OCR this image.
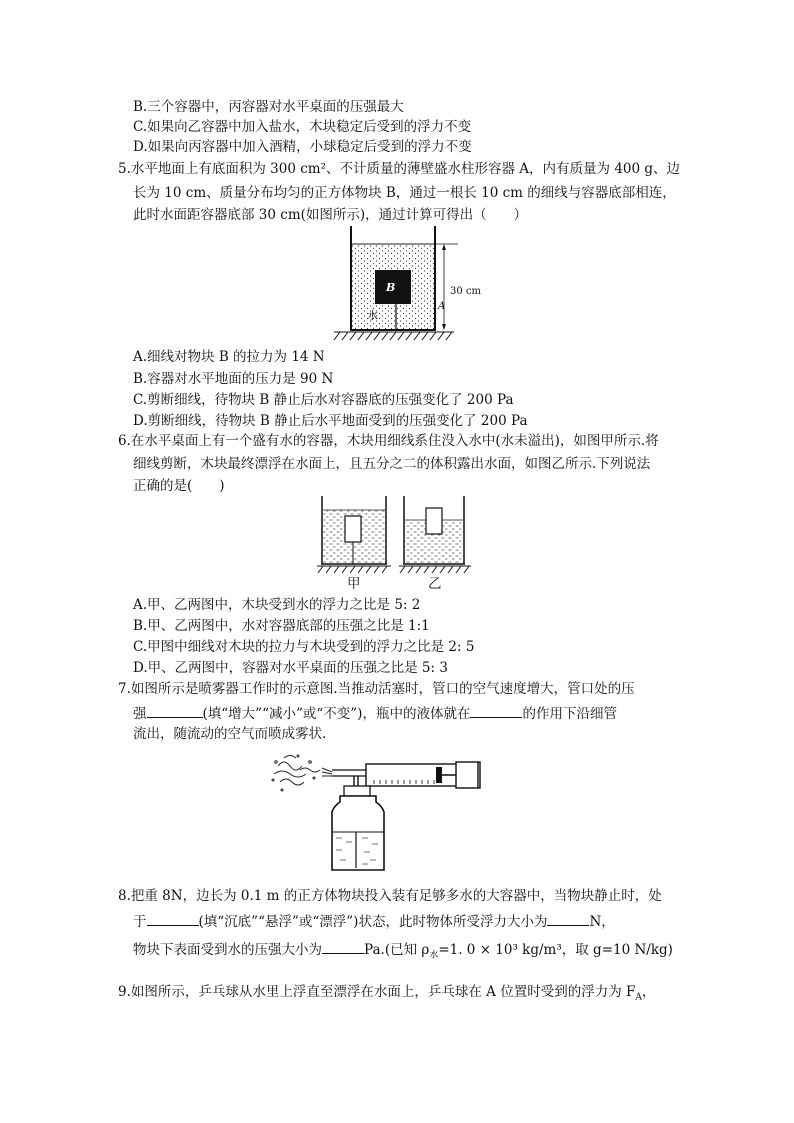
B.三个容器中，丙容器对水平桌面的压强最大
C.如果向乙容器中加入盐水，木块稳定后受到的浮力不变
D.如果向丙容器中加入酒精，小球稳定后受到的浮力不变
5.水平地面上有底面积为 300 cm²、不计质量的薄壁盛水柱形容器 A，内有质量为 400 g、边
长为 10 cm、质量分布均匀的正方体物块 B，通过一根长 10 cm 的细线与容器底部相连，
此时水面距容器底部 30 cm(如图所示)，通过计算可得出（　　）
B
水
30 cm
A
A.细线对物块 B 的拉力为 14 N
B.容器对水平地面的压力是 90 N
C.剪断细线，待物块 B 静止后水对容器底的压强变化了 200 Pa
D.剪断细线，待物块 B 静止后水平地面受到的压强变化了 200 Pa
6.在水平桌面上有一个盛有水的容器，木块用细线系住没入水中(水未溢出)，如图甲所示.将
细线剪断，木块最终漂浮在水面上，且五分之二的体积露出水面，如图乙所示.下列说法
正确的是(　　)
甲	乙
A.甲、乙两图中，木块受到水的浮力之比是 5: 2
B.甲、乙两图中，水对容器底部的压强之比是 1:1
C.甲图中细线对木块的拉力与木块受到的浮力之比是 2: 5
D.甲、乙两图中，容器对水平桌面的压强之比是 5: 3
7.如图所示是喷雾器工作时的示意图.当推动活塞时，管口的空气速度增大，管口处的压
强	(填“增大”“减小”或“不变”)，瓶中的液体就在	的作用下沿细管
流出，随流动的空气而喷成雾状.
8.把重 8N，边长为 0.1 m 的正方体物块投入装有足够多水的大容器中，当物块静止时，处
于	(填“沉底”“悬浮”或“漂浮”)状态，此时物体所受浮力大小为	N，
物块下表面受到水的压强大小为	Pa.(已知 $\rho_水=1$. 0 × 10³ kg/m³，取 g=10 N/kg)
9.如图所示，乒乓球从水里上浮直至漂浮在水面上，乒乓球在 A 位置时受到的浮力为 $F_A$，
